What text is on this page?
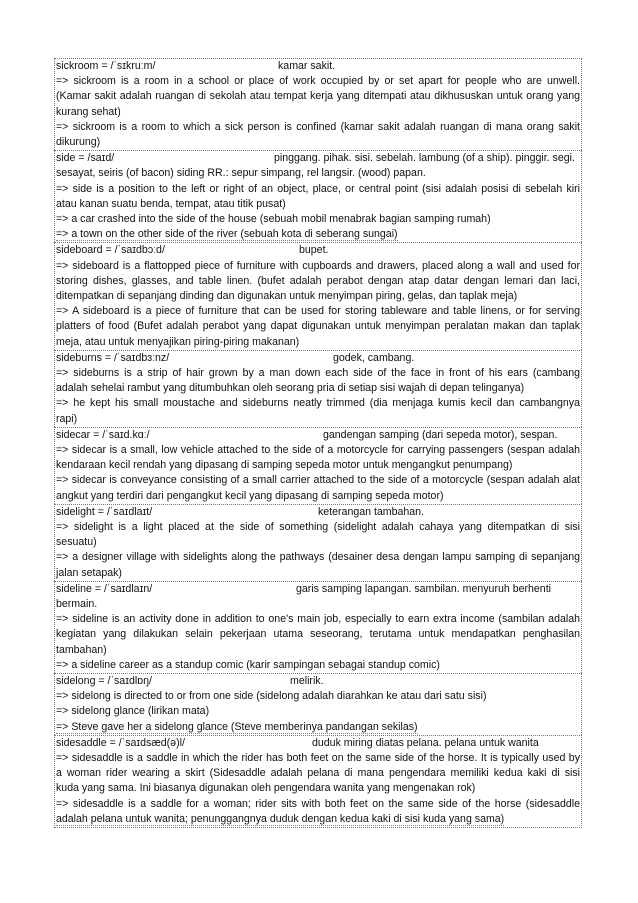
sickroom = /ˈsɪkruːm/	kamar sakit.
=> sickroom is a room in a school or place of work occupied by or set apart for people who are unwell.
(Kamar sakit adalah ruangan di sekolah atau tempat kerja yang ditempati atau dikhususkan untuk orang yang
kurang sehat)
=> sickroom is a room to which a sick person is confined (kamar sakit adalah ruangan di mana orang sakit
dikurung)
side = /saɪd/	pinggang. pihak. sisi. sebelah. lambung (of a ship). pinggir. segi.
sesayat, seiris (of bacon) siding RR.: sepur simpang, rel langsir. (wood) papan.
=> side is a position to the left or right of an object, place, or central point (sisi adalah posisi di sebelah kiri
atau kanan suatu benda, tempat, atau titik pusat)
=> a car crashed into the side of the house (sebuah mobil menabrak bagian samping rumah)
=> a town on the other side of the river (sebuah kota di seberang sungai)
sideboard = /ˈsaɪdbɔːd/	bupet.
=> sideboard is a flattopped piece of furniture with cupboards and drawers, placed along a wall and used for
storing dishes, glasses, and table linen. (bufet adalah perabot dengan atap datar dengan lemari dan laci,
ditempatkan di sepanjang dinding dan digunakan untuk menyimpan piring, gelas, dan taplak meja)
=> A sideboard is a piece of furniture that can be used for storing tableware and table linens, or for serving
platters of food (Bufet adalah perabot yang dapat digunakan untuk menyimpan peralatan makan dan taplak
meja, atau untuk menyajikan piring-piring makanan)
sideburns = /ˈsaɪdbɜːnz/	godek, cambang.
=> sideburns is a strip of hair grown by a man down each side of the face in front of his ears (cambang
adalah sehelai rambut yang ditumbuhkan oleh seorang pria di setiap sisi wajah di depan telinganya)
=> he kept his small moustache and sideburns neatly trimmed (dia menjaga kumis kecil dan cambangnya
rapi)
sidecar = /ˈsaɪd.kɑː/	gandengan samping (dari sepeda motor), sespan.
=> sidecar is a small, low vehicle attached to the side of a motorcycle for carrying passengers (sespan adalah
kendaraan kecil rendah yang dipasang di samping sepeda motor untuk mengangkut penumpang)
=> sidecar is conveyance consisting of a small carrier attached to the side of a motorcycle (sespan adalah alat
angkut yang terdiri dari pengangkut kecil yang dipasang di samping sepeda motor)
sidelight = /ˈsaɪdlaɪt/	keterangan tambahan.
=> sidelight is a light placed at the side of something (sidelight adalah cahaya yang ditempatkan di sisi
sesuatu)
=> a designer village with sidelights along the pathways (desainer desa dengan lampu samping di sepanjang
jalan setapak)
sideline = /ˈsaɪdlaɪn/	garis samping lapangan. sambilan. menyuruh berhenti
bermain.
=> sideline is an activity done in addition to one's main job, especially to earn extra income (sambilan adalah
kegiatan yang dilakukan selain pekerjaan utama seseorang, terutama untuk mendapatkan penghasilan
tambahan)
=> a sideline career as a standup comic (karir sampingan sebagai standup comic)
sidelong = /ˈsaɪdlɒŋ/	melirik.
=> sidelong is directed to or from one side (sidelong adalah diarahkan ke atau dari satu sisi)
=> sidelong glance (lirikan mata)
=> Steve gave her a sidelong glance (Steve memberinya pandangan sekilas)
sidesaddle = /ˈsaɪdsæd(ə)l/	duduk miring diatas pelana. pelana untuk wanita
=> sidesaddle is a saddle in which the rider has both feet on the same side of the horse. It is typically used by
a woman rider wearing a skirt (Sidesaddle adalah pelana di mana pengendara memiliki kedua kaki di sisi
kuda yang sama. Ini biasanya digunakan oleh pengendara wanita yang mengenakan rok)
=> sidesaddle is a saddle for a woman; rider sits with both feet on the same side of the horse (sidesaddle
adalah pelana untuk wanita; penunggangnya duduk dengan kedua kaki di sisi kuda yang sama)
